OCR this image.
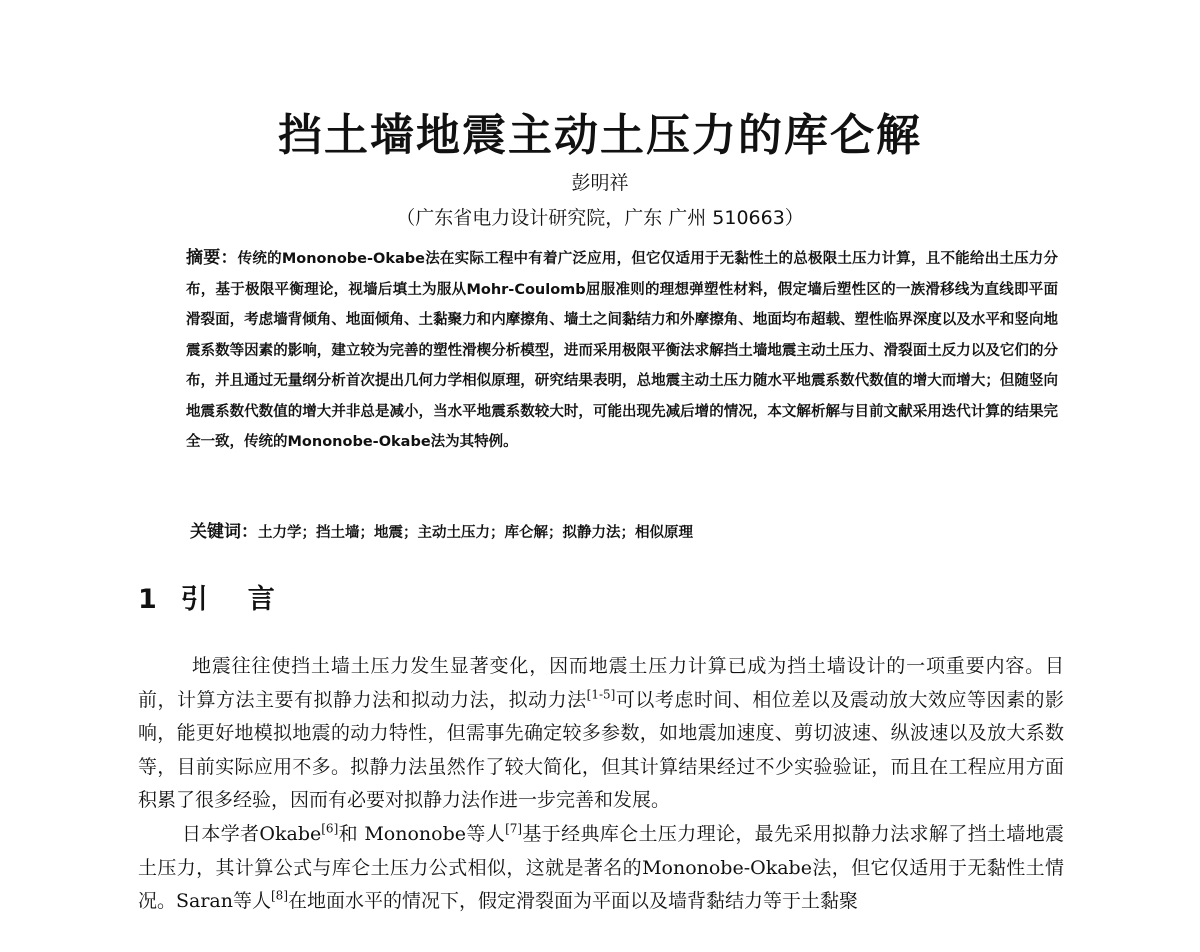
挡土墙地震主动土压力的库仑解
彭明祥
（广东省电力设计研究院，广东 广州 510663）
摘要：传统的Mononobe-Okabe法在实际工程中有着广泛应用，但它仅适用于无黏性土的总极限土压力计算，且不能给出土压力分布，基于极限平衡理论，视墙后填土为服从Mohr-Coulomb屈服准则的理想弹塑性材料，假定墙后塑性区的一族滑移线为直线即平面滑裂面，考虑墙背倾角、地面倾角、土黏聚力和内摩擦角、墙土之间黏结力和外摩擦角、地面均布超载、塑性临界深度以及水平和竖向地震系数等因素的影响，建立较为完善的塑性滑楔分析模型，进而采用极限平衡法求解挡土墙地震主动土压力、滑裂面土反力以及它们的分布，并且通过无量纲分析首次提出几何力学相似原理，研究结果表明，总地震主动土压力随水平地震系数代数值的增大而增大；但随竖向地震系数代数值的增大并非总是减小，当水平地震系数较大时，可能出现先减后增的情况，本文解析解与目前文献采用迭代计算的结果完全一致，传统的Mononobe-Okabe法为其特例。
关键词：土力学；挡土墙；地震；主动土压力；库仑解；拟静力法；相似原理
1 引 言

地震往往使挡土墙土压力发生显著变化，因而地震土压力计算已成为挡土墙设计的一项重要内容。目前，计算方法主要有拟静力法和拟动力法，拟动力法[1-5]可以考虑时间、相位差以及震动放大效应等因素的影响，能更好地模拟地震的动力特性，但需事先确定较多参数，如地震加速度、剪切波速、纵波速以及放大系数等，目前实际应用不多。拟静力法虽然作了较大简化，但其计算结果经过不少实验验证，而且在工程应用方面积累了很多经验，因而有必要对拟静力法作进一步完善和发展。

日本学者Okabe[6]和 Mononobe等人[7]基于经典库仑土压力理论，最先采用拟静力法求解了挡土墙地震土压力，其计算公式与库仑土压力公式相似，这就是著名的Mononobe-Okabe法，但它仅适用于无黏性土情况。Saran等人[8]在地面水平的情况下，假定滑裂面为平面以及墙背黏结力等于土黏聚
